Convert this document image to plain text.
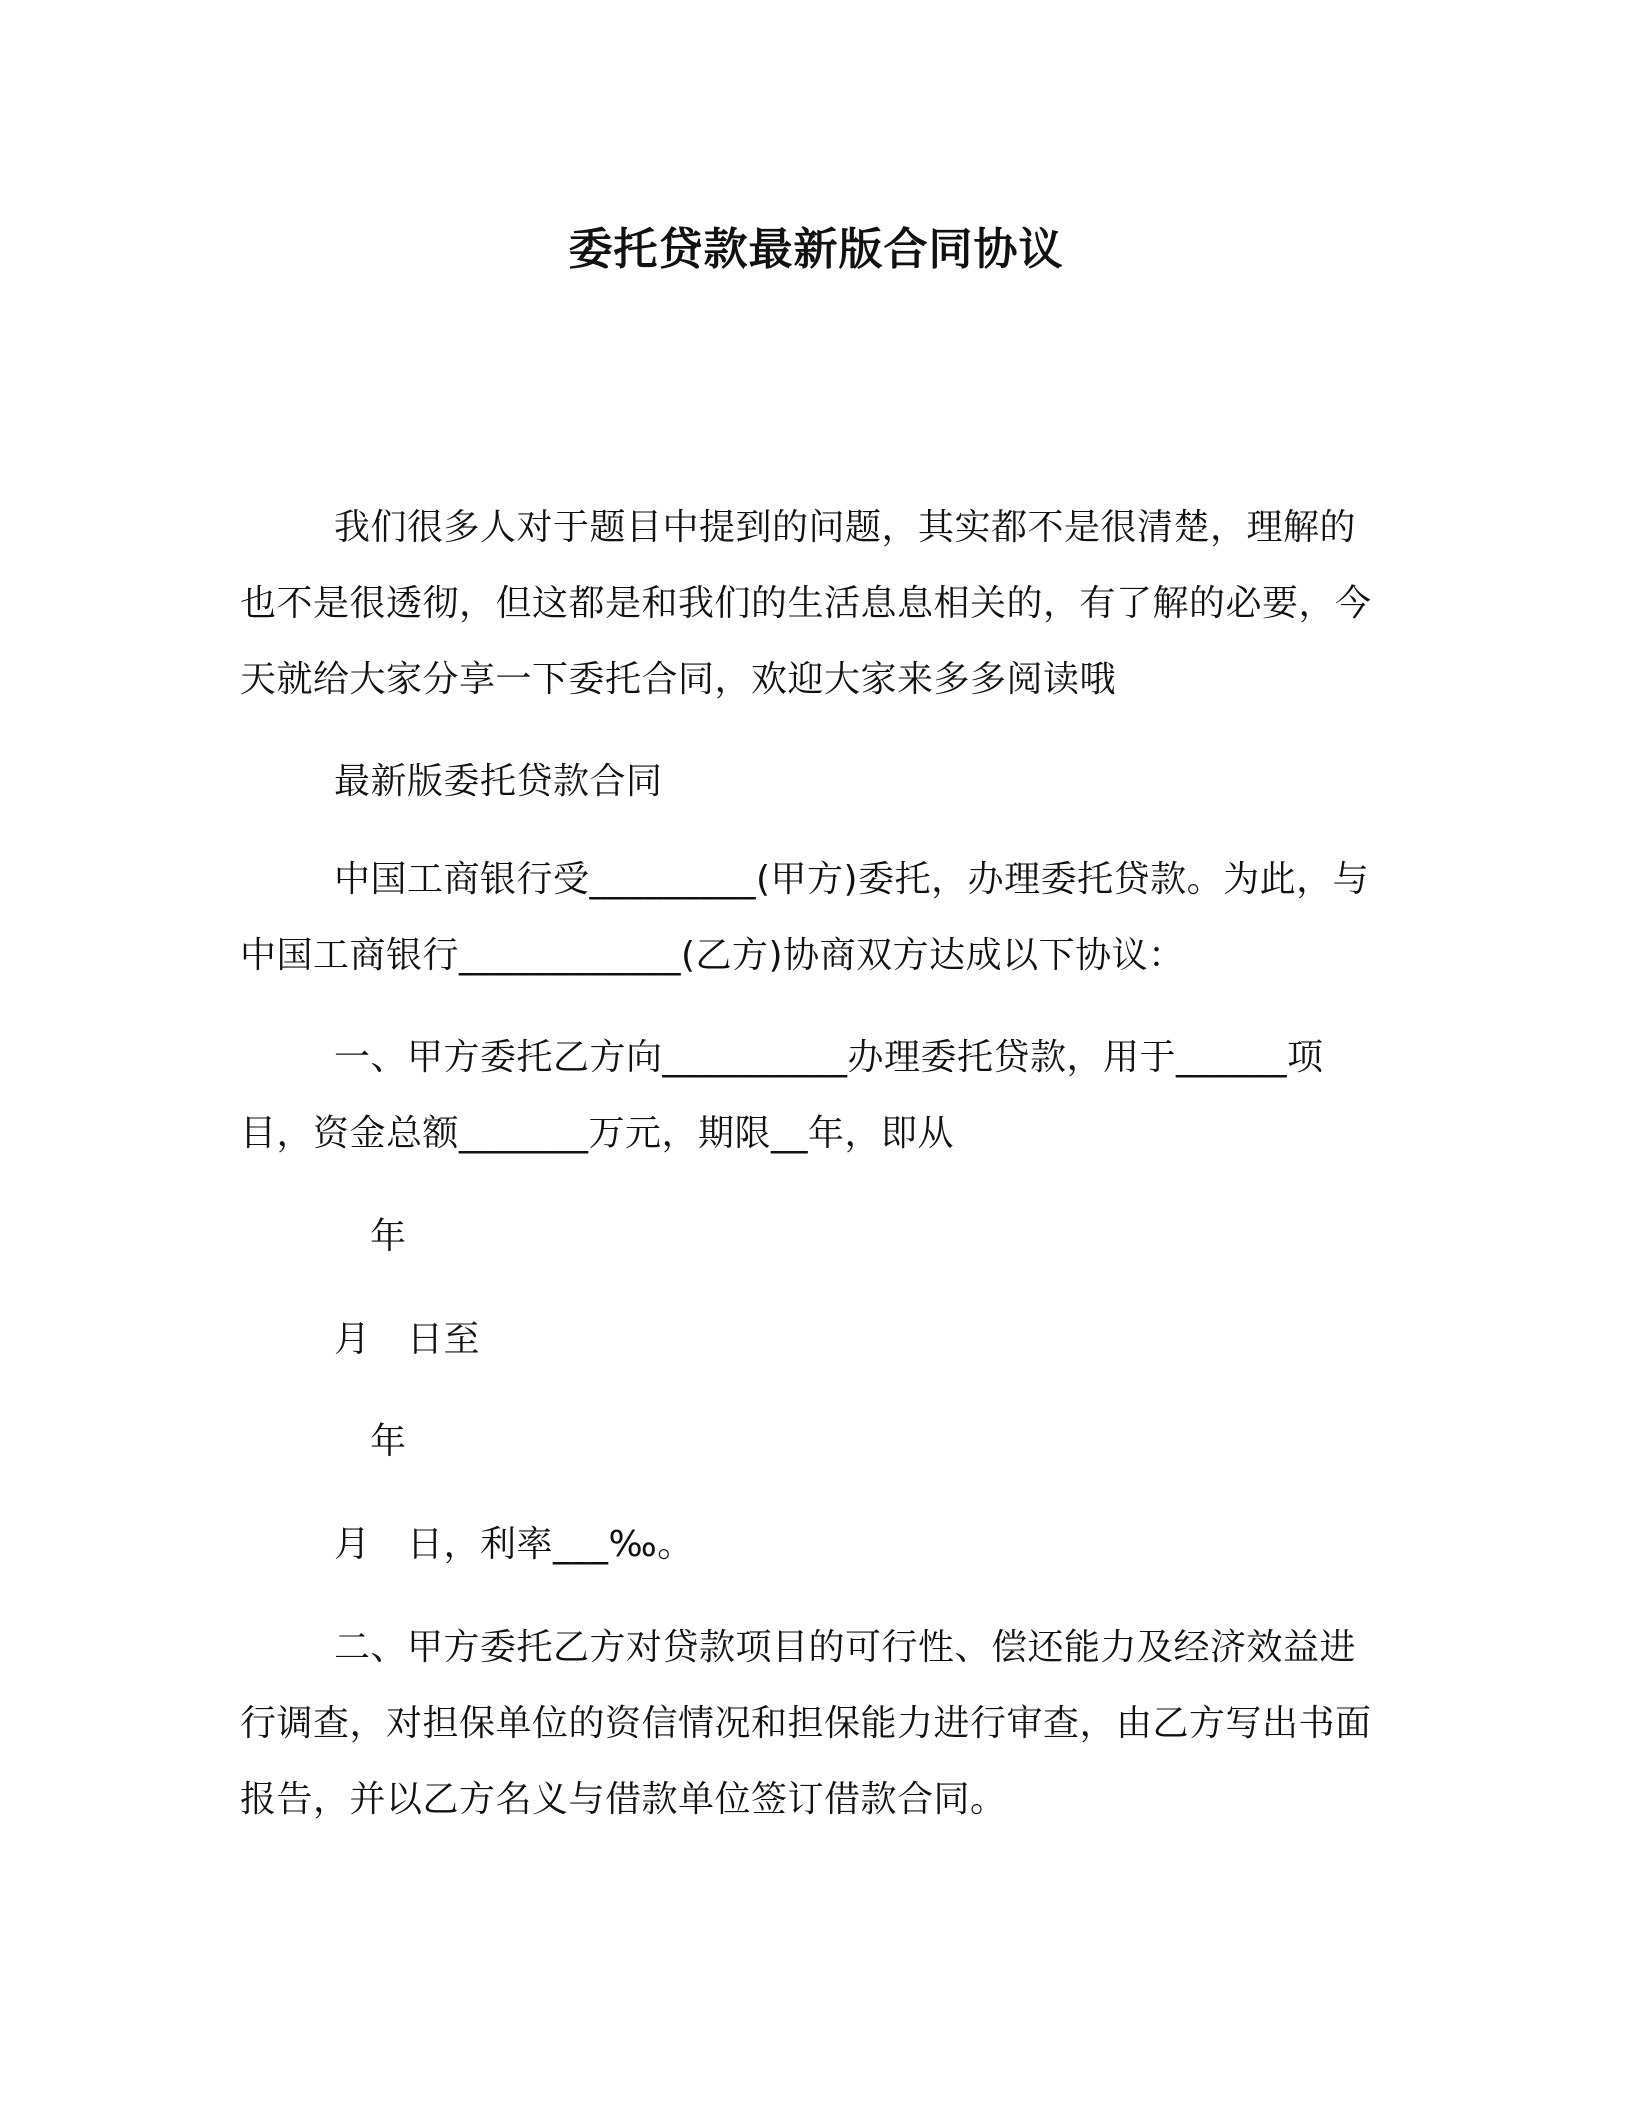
委托贷款最新版合同协议
我们很多人对于题目中提到的问题，其实都不是很清楚，理解的也不是很透彻，但这都是和我们的生活息息相关的，有了解的必要，今天就给大家分享一下委托合同，欢迎大家来多多阅读哦
最新版委托贷款合同
中国工商银行受_________(甲方)委托，办理委托贷款。为此，与中国工商银行____________(乙方)协商双方达成以下协议：
一、甲方委托乙方向__________办理委托贷款，用于______项目，资金总额_______万元，期限__年，即从
年
月　日至
年
月　日，利率___‰。
二、甲方委托乙方对贷款项目的可行性、偿还能力及经济效益进行调查，对担保单位的资信情况和担保能力进行审查，由乙方写出书面报告，并以乙方名义与借款单位签订借款合同。
